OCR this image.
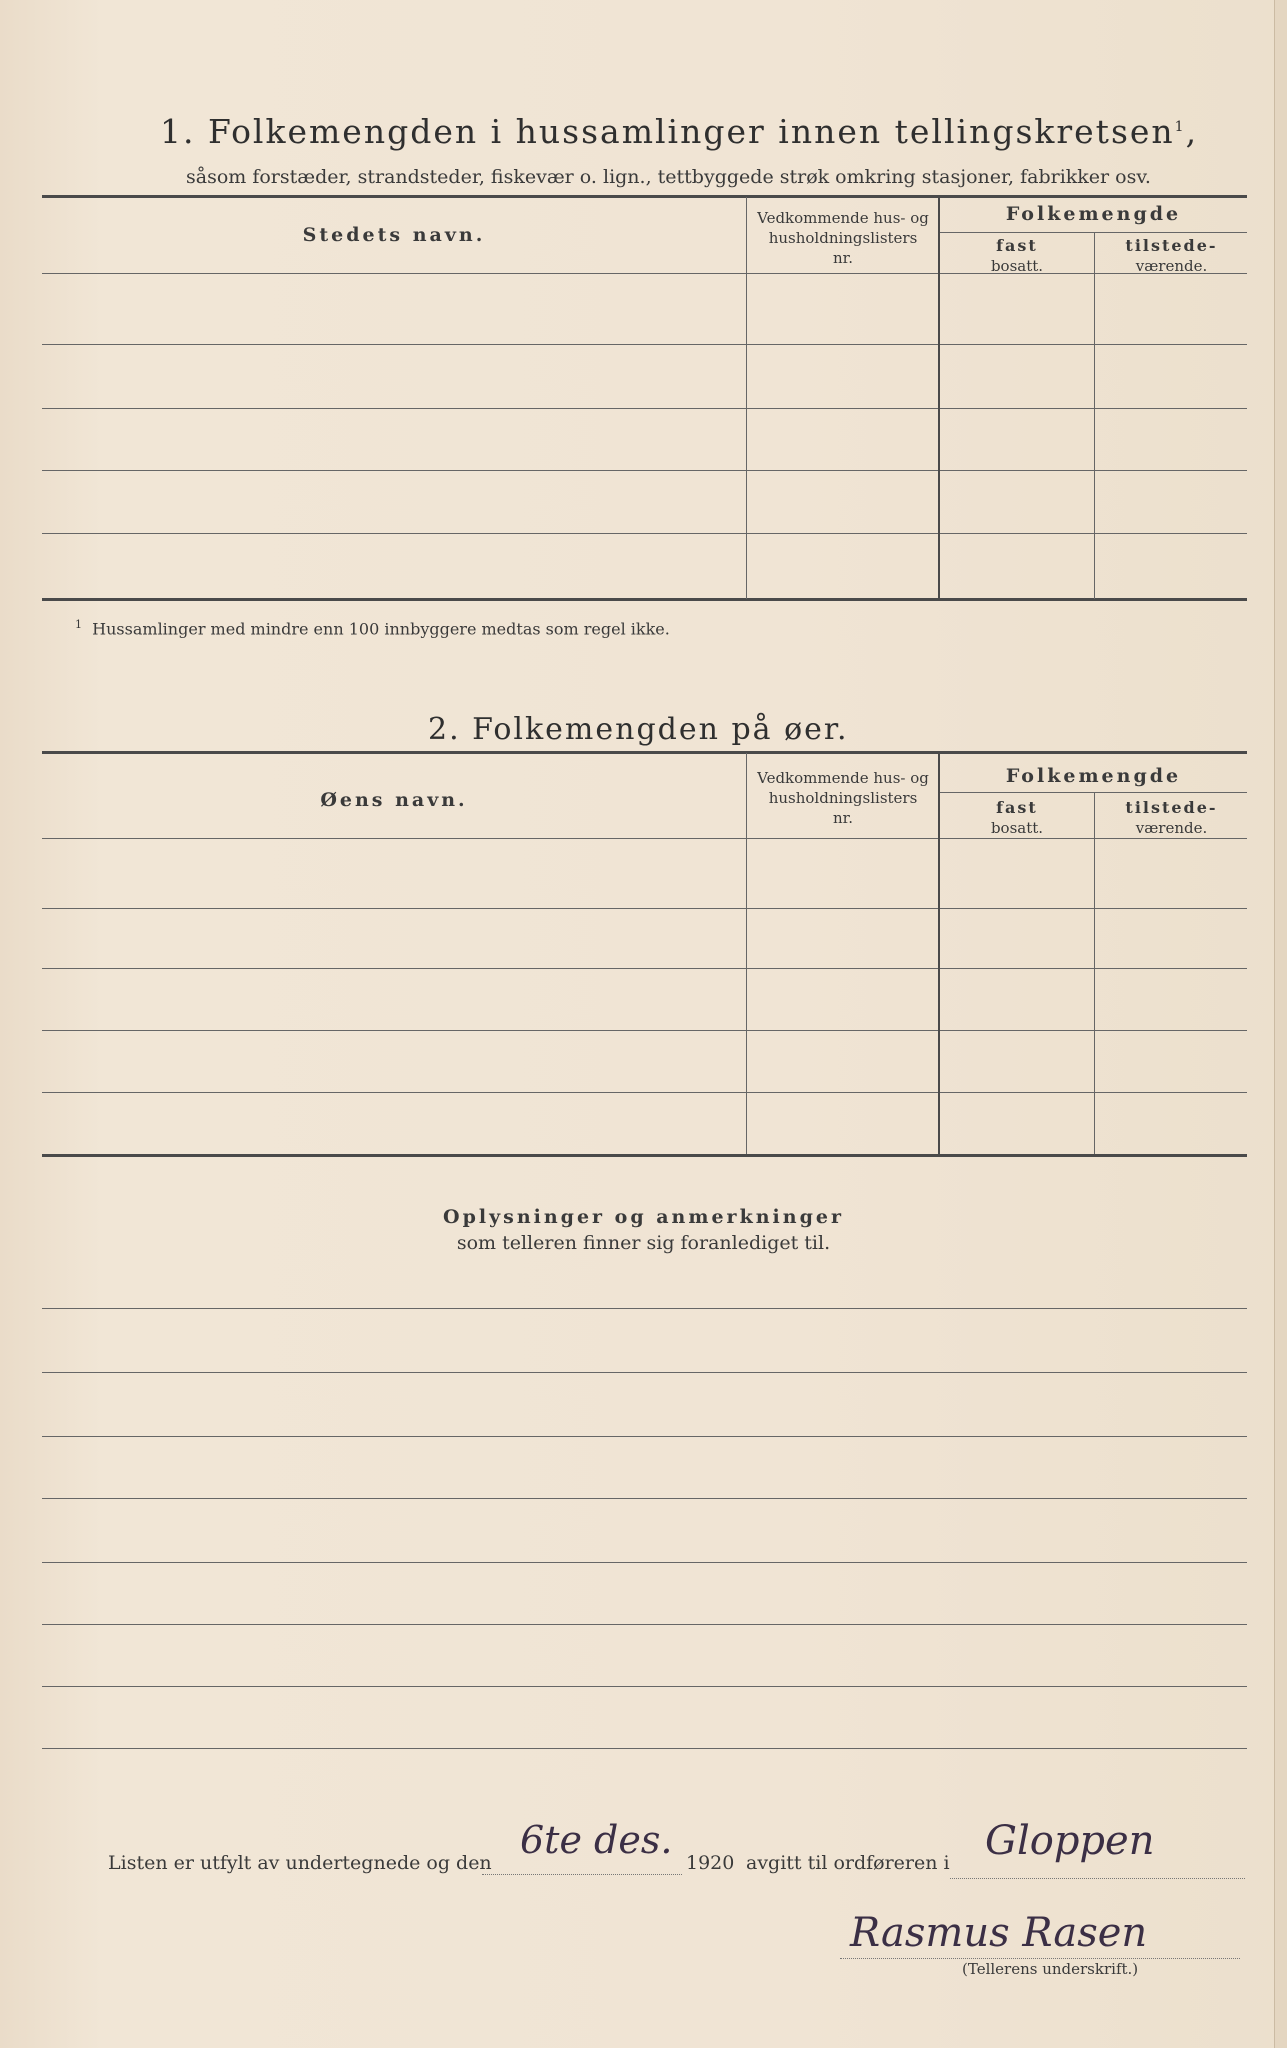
1. Folkemengden i hussamlinger innen tellingskretsen$^1$,
såsom forstæder, strandsteder, fiskevær o. lign., tettbyggede strøk omkring stasjoner, fabrikker osv.
Stedets navn.
Vedkommende hus- og
husholdningslisters
nr.
Folkemengde
fast
bosatt.
tilstede-
værende.
$^1$ Hussamlinger med mindre enn 100 innbyggere medtas som regel ikke.
2. Folkemengden på øer.
Øens navn.
Vedkommende hus- og
husholdningslisters
nr.
Folkemengde
fast
bosatt.
tilstede-
værende.
Oplysninger og anmerkninger
som telleren finner sig foranlediget til.
Listen er utfylt av undertegnede og den
6te des.
1920 avgitt til ordføreren i Gloppen
Rasmus Rasen
(Tellerens underskrift.)
